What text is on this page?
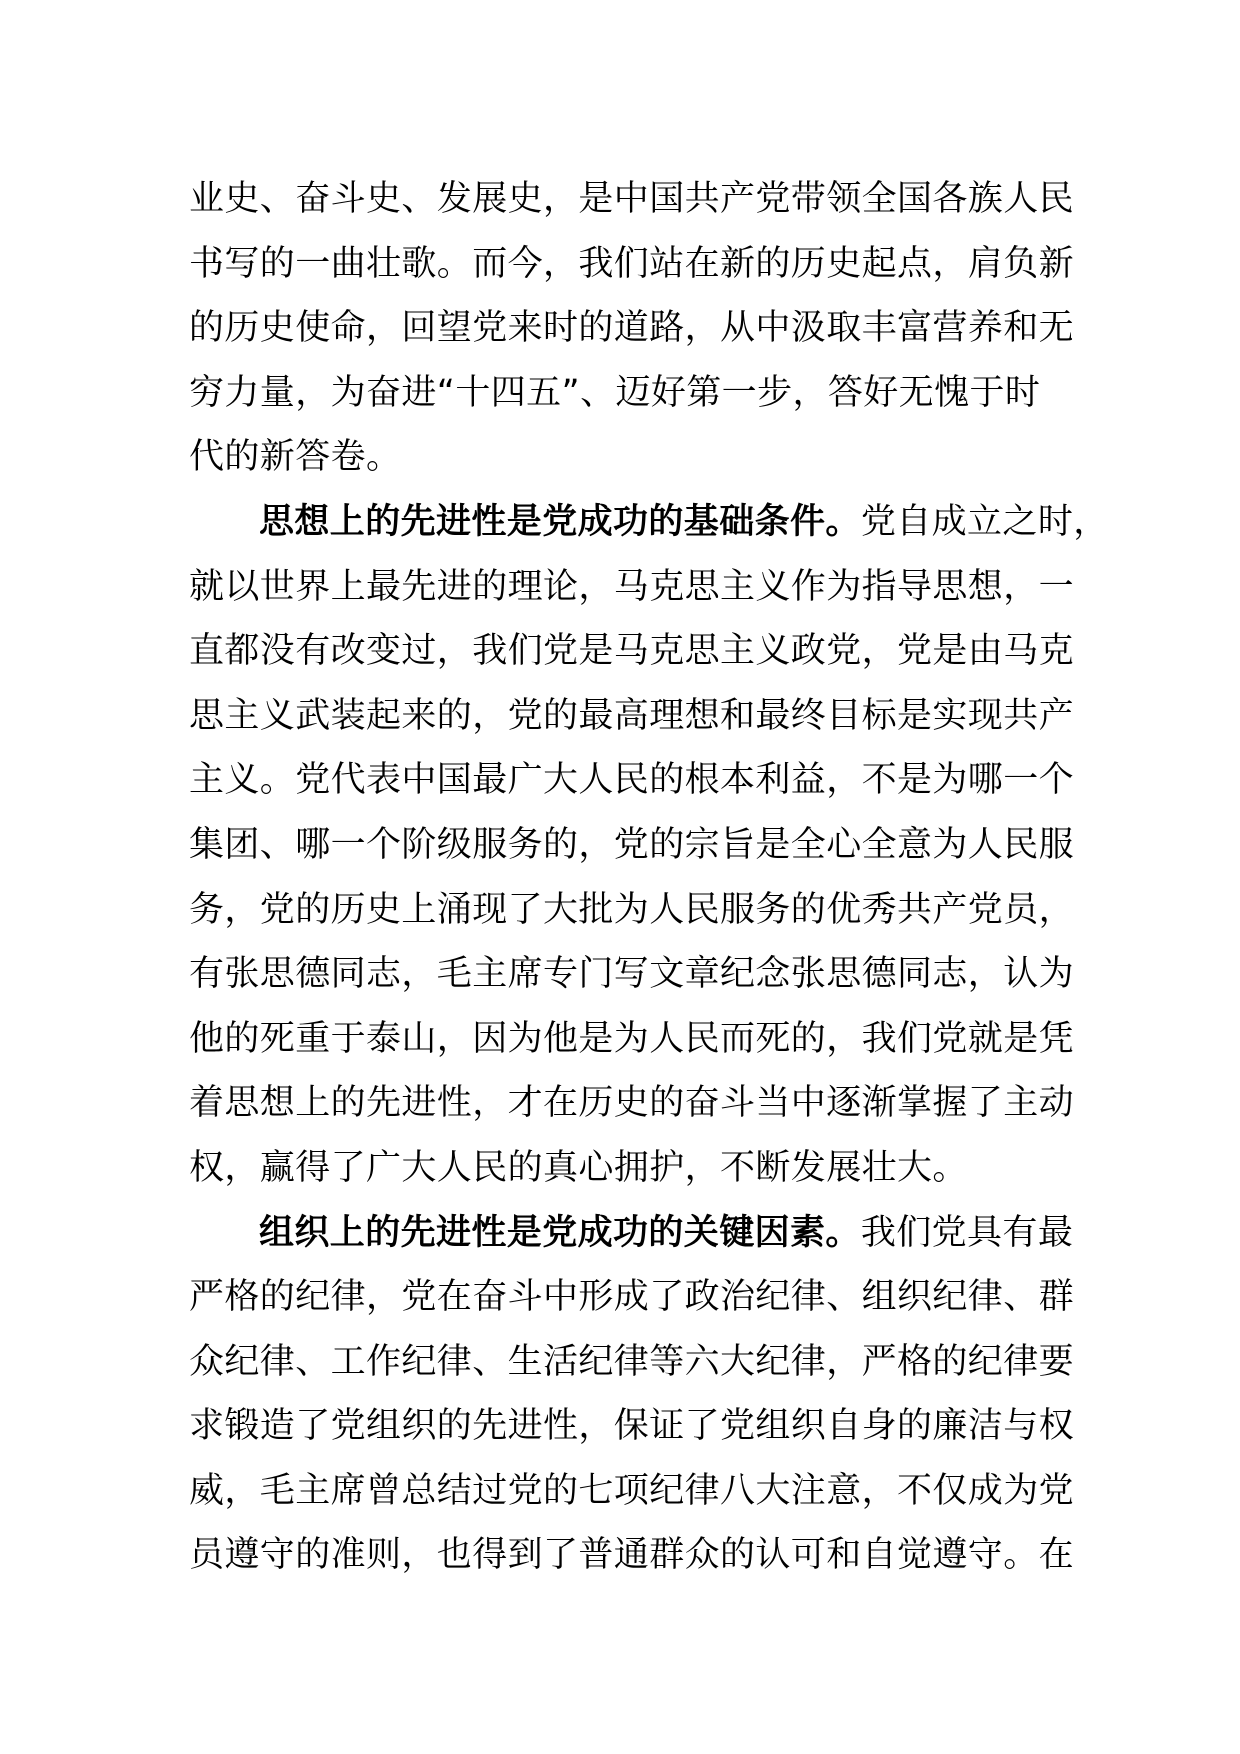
业史、奋斗史、发展史，是中国共产党带领全国各族人民
书写的一曲壮歌。而今，我们站在新的历史起点，肩负新
的历史使命，回望党来时的道路，从中汲取丰富营养和无
穷力量，为奋进“十四五”、迈好第一步，答好无愧于时
代的新答卷。
思想上的先进性是党成功的基础条件。党自成立之时，
就以世界上最先进的理论，马克思主义作为指导思想，一
直都没有改变过，我们党是马克思主义政党，党是由马克
思主义武装起来的，党的最高理想和最终目标是实现共产
主义。党代表中国最广大人民的根本利益，不是为哪一个
集团、哪一个阶级服务的，党的宗旨是全心全意为人民服
务，党的历史上涌现了大批为人民服务的优秀共产党员，
有张思德同志，毛主席专门写文章纪念张思德同志，认为
他的死重于泰山，因为他是为人民而死的，我们党就是凭
着思想上的先进性，才在历史的奋斗当中逐渐掌握了主动
权，赢得了广大人民的真心拥护，不断发展壮大。
组织上的先进性是党成功的关键因素。我们党具有最
严格的纪律，党在奋斗中形成了政治纪律、组织纪律、群
众纪律、工作纪律、生活纪律等六大纪律，严格的纪律要
求锻造了党组织的先进性，保证了党组织自身的廉洁与权
威，毛主席曾总结过党的七项纪律八大注意，不仅成为党
员遵守的准则，也得到了普通群众的认可和自觉遵守。在
